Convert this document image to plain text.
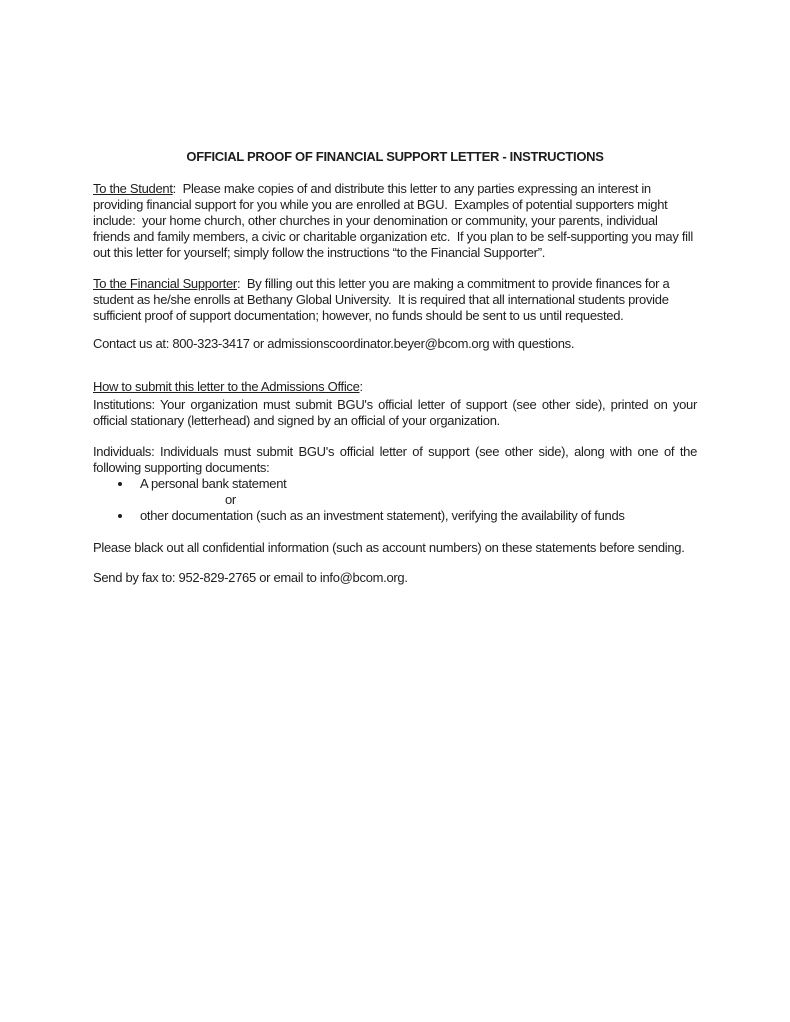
OFFICIAL PROOF OF FINANCIAL SUPPORT LETTER - INSTRUCTIONS

To the Student:  Please make copies of and distribute this letter to any parties expressing an interest in providing financial support for you while you are enrolled at BGU.  Examples of potential supporters might include:  your home church, other churches in your denomination or community, your parents, individual friends and family members, a civic or charitable organization etc.  If you plan to be self-supporting you may fill out this letter for yourself; simply follow the instructions “to the Financial Supporter”.

To the Financial Supporter:  By filling out this letter you are making a commitment to provide finances for a student as he/she enrolls at Bethany Global University.  It is required that all international students provide sufficient proof of support documentation; however, no funds should be sent to us until requested.

Contact us at: 800-323-3417 or admissionscoordinator.beyer@bcom.org with questions.

How to submit this letter to the Admissions Office:

Institutions: Your organization must submit BGU's official letter of support (see other side), printed on your official stationary (letterhead) and signed by an official of your organization.

Individuals: Individuals must submit BGU's official letter of support (see other side), along with one of the following supporting documents:

A personal bank statement
or
other documentation (such as an investment statement), verifying the availability of funds

Please black out all confidential information (such as account numbers) on these statements before sending.

Send by fax to: 952-829-2765 or email to info@bcom.org.
